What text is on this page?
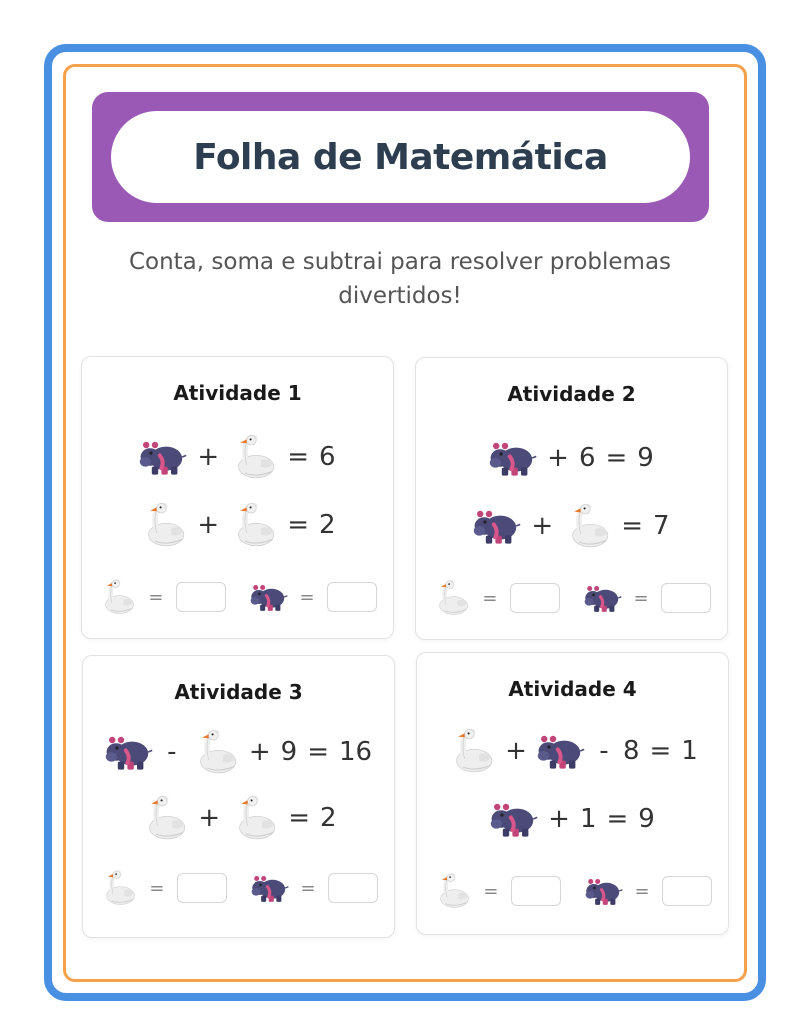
Folha de Matemática
Conta, soma e subtrai para resolver problemas
divertidos!
Atividade 1
+	= 6
+	= 2
=	=
Atividade 2
+ 6 = 9
+	= 7
=	=
Atividade 3
-	+ 9 = 16
+	= 2
=	=
Atividade 4
+	- 8 = 1
+ 1 = 9
=	=
